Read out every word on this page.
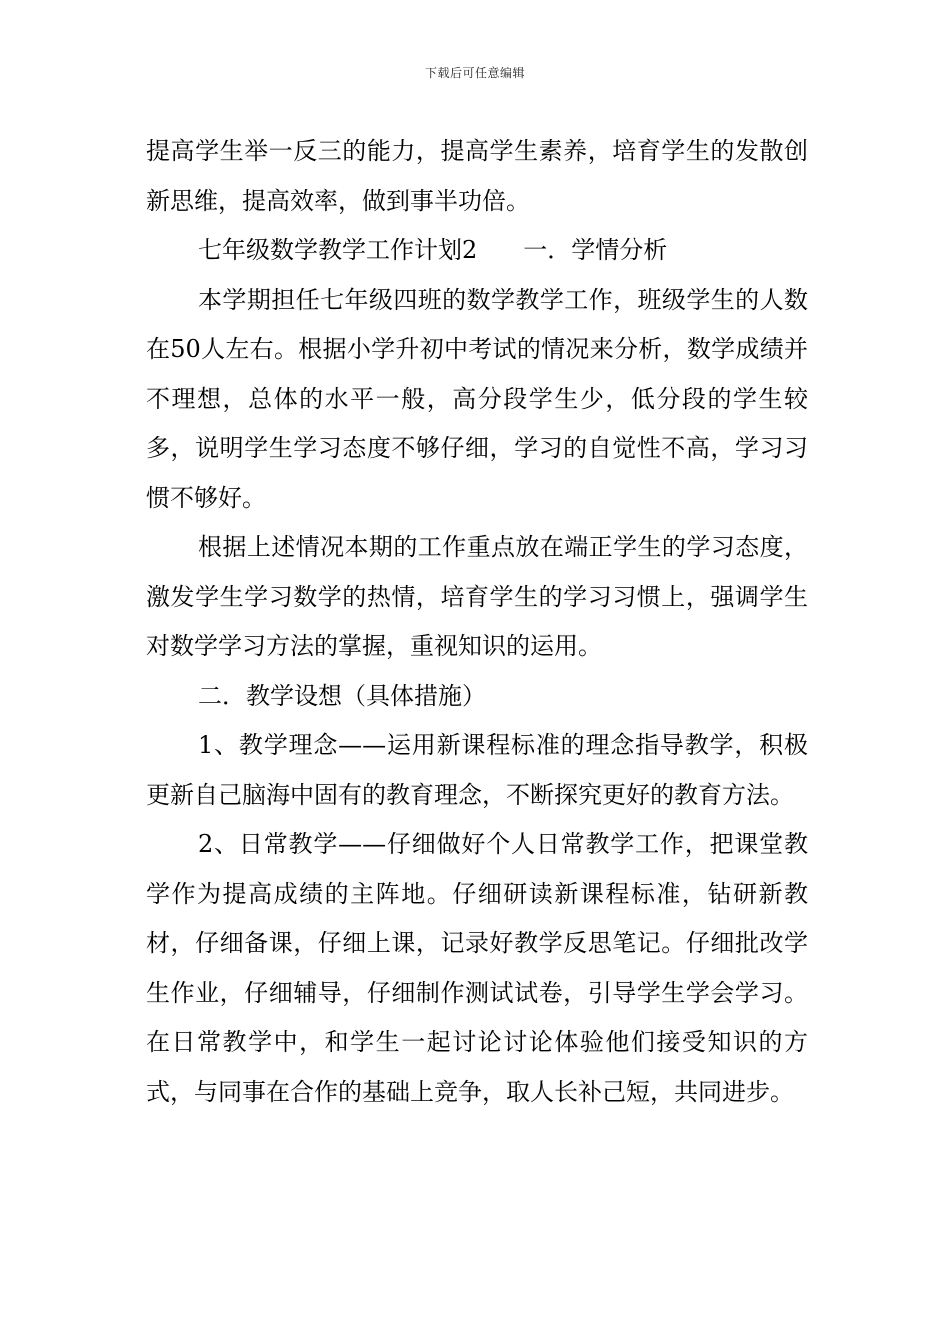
下载后可任意编辑

提高学生举一反三的能力，提高学生素养，培育学生的发散创新思维，提高效率，做到事半功倍。

七年级数学教学工作计划2 一．学情分析

本学期担任七年级四班的数学教学工作，班级学生的人数在50人左右。根据小学升初中考试的情况来分析，数学成绩并不理想，总体的水平一般，高分段学生少，低分段的学生较多，说明学生学习态度不够仔细，学习的自觉性不高，学习习惯不够好。

根据上述情况本期的工作重点放在端正学生的学习态度，激发学生学习数学的热情，培育学生的学习习惯上，强调学生对数学学习方法的掌握，重视知识的运用。

二．教学设想（具体措施）

1、教学理念——运用新课程标准的理念指导教学，积极更新自己脑海中固有的教育理念，不断探究更好的教育方法。

2、日常教学——仔细做好个人日常教学工作，把课堂教学作为提高成绩的主阵地。仔细研读新课程标准，钻研新教材，仔细备课，仔细上课，记录好教学反思笔记。仔细批改学生作业，仔细辅导，仔细制作测试试卷，引导学生学会学习。在日常教学中，和学生一起讨论讨论体验他们接受知识的方式，与同事在合作的基础上竞争，取人长补己短，共同进步。
